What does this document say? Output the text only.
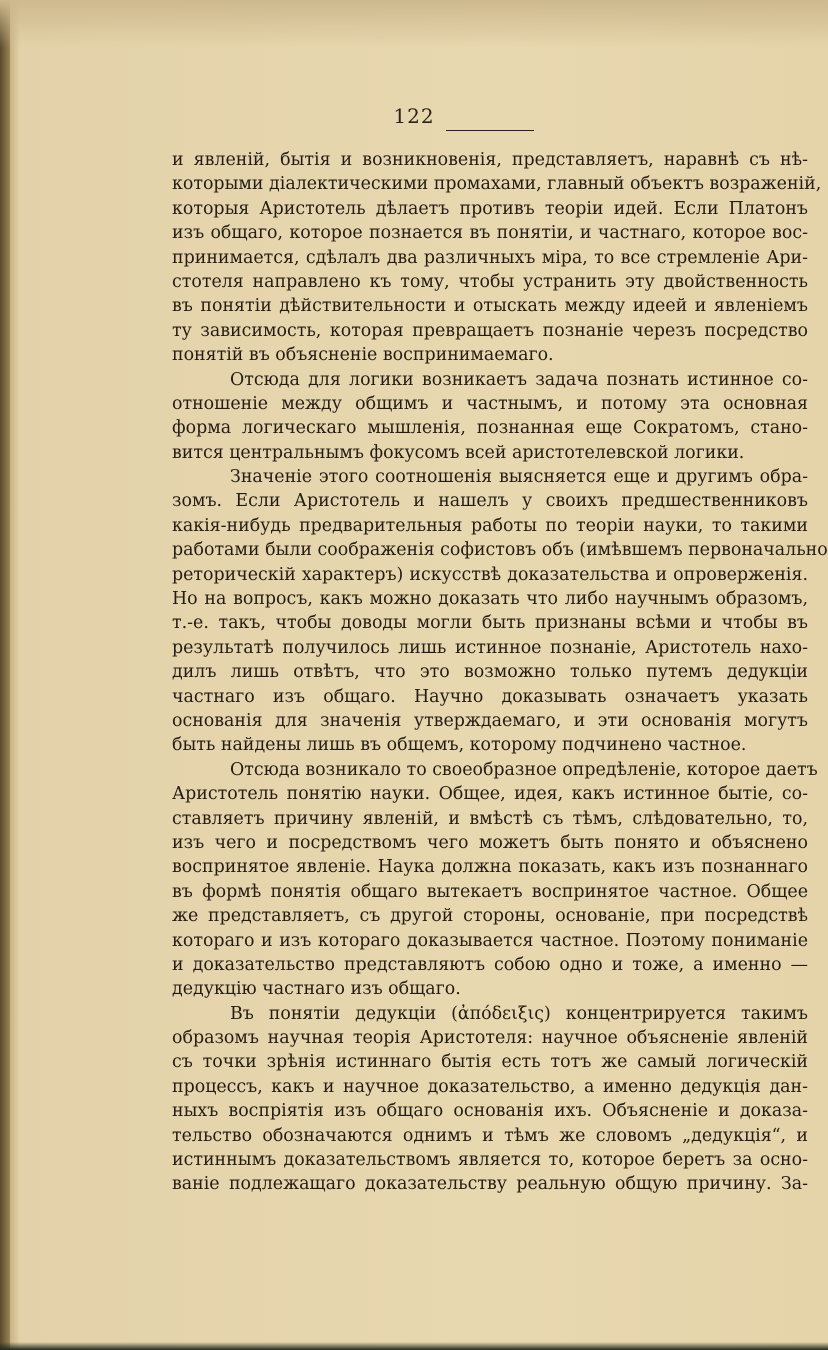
122
и явленій, бытія и возникновенія, представляетъ, наравнѣ съ нѣ-
которыми діалектическими промахами, главный объектъ возраженій,
которыя Аристотель дѣлаетъ противъ теоріи идей. Если Платонъ
изъ общаго, которое познается въ понятіи, и частнаго, которое вос-
принимается, сдѣлалъ два различныхъ міра, то все стремленіе Ари-
стотеля направлено къ тому, чтобы устранить эту двойственность
въ понятіи дѣйствительности и отыскать между идеей и явленіемъ
ту зависимость, которая превращаетъ познаніе черезъ посредство
понятій въ объясненіе воспринимаемаго.
Отсюда для логики возникаетъ задача познать истинное со-
отношеніе между общимъ и частнымъ, и потому эта основная
форма логическаго мышленія, познанная еще Сократомъ, стано-
вится центральнымъ фокусомъ всей аристотелевской логики.
Значеніе этого соотношенія выясняется еще и другимъ обра-
зомъ. Если Аристотель и нашелъ у своихъ предшественниковъ
какія-нибудь предварительныя работы по теоріи науки, то такими
работами были соображенія софистовъ объ (имѣвшемъ первоначально
реторическій характеръ) искусствѣ доказательства и опроверженія.
Но на вопросъ, какъ можно доказать что либо научнымъ образомъ,
т.-е. такъ, чтобы доводы могли быть признаны всѣми и чтобы въ
результатѣ получилось лишь истинное познаніе, Аристотель нахо-
дилъ лишь отвѣтъ, что это возможно только путемъ дедукціи
частнаго изъ общаго. Научно доказывать означаетъ указать
основанія для значенія утверждаемаго, и эти основанія могутъ
быть найдены лишь въ общемъ, которому подчинено частное.
Отсюда возникало то своеобразное опредѣленіе, которое даетъ
Аристотель понятію науки. Общее, идея, какъ истинное бытіе, со-
ставляетъ причину явленій, и вмѣстѣ съ тѣмъ, слѣдовательно, то,
изъ чего и посредствомъ чего можетъ быть понято и объяснено
воспринятое явленіе. Наука должна показать, какъ изъ познаннаго
въ формѣ понятія общаго вытекаетъ воспринятое частное. Общее
же представляетъ, съ другой стороны, основаніе, при посредствѣ
котораго и изъ котораго доказывается частное. Поэтому пониманіе
и доказательство представляютъ собою одно и тоже, а именно —
дедукцію частнаго изъ общаго.
Въ понятіи дедукціи (ἀπόδειξις) концентрируется такимъ
образомъ научная теорія Аристотеля: научное объясненіе явленій
съ точки зрѣнія истиннаго бытія есть тотъ же самый логическій
процессъ, какъ и научное доказательство, а именно дедукція дан-
ныхъ воспріятія изъ общаго основанія ихъ. Объясненіе и доказа-
тельство обозначаются однимъ и тѣмъ же словомъ „дедукція“, и
истиннымъ доказательствомъ является то, которое беретъ за осно-
ваніе подлежащаго доказательству реальную общую причину. За-
